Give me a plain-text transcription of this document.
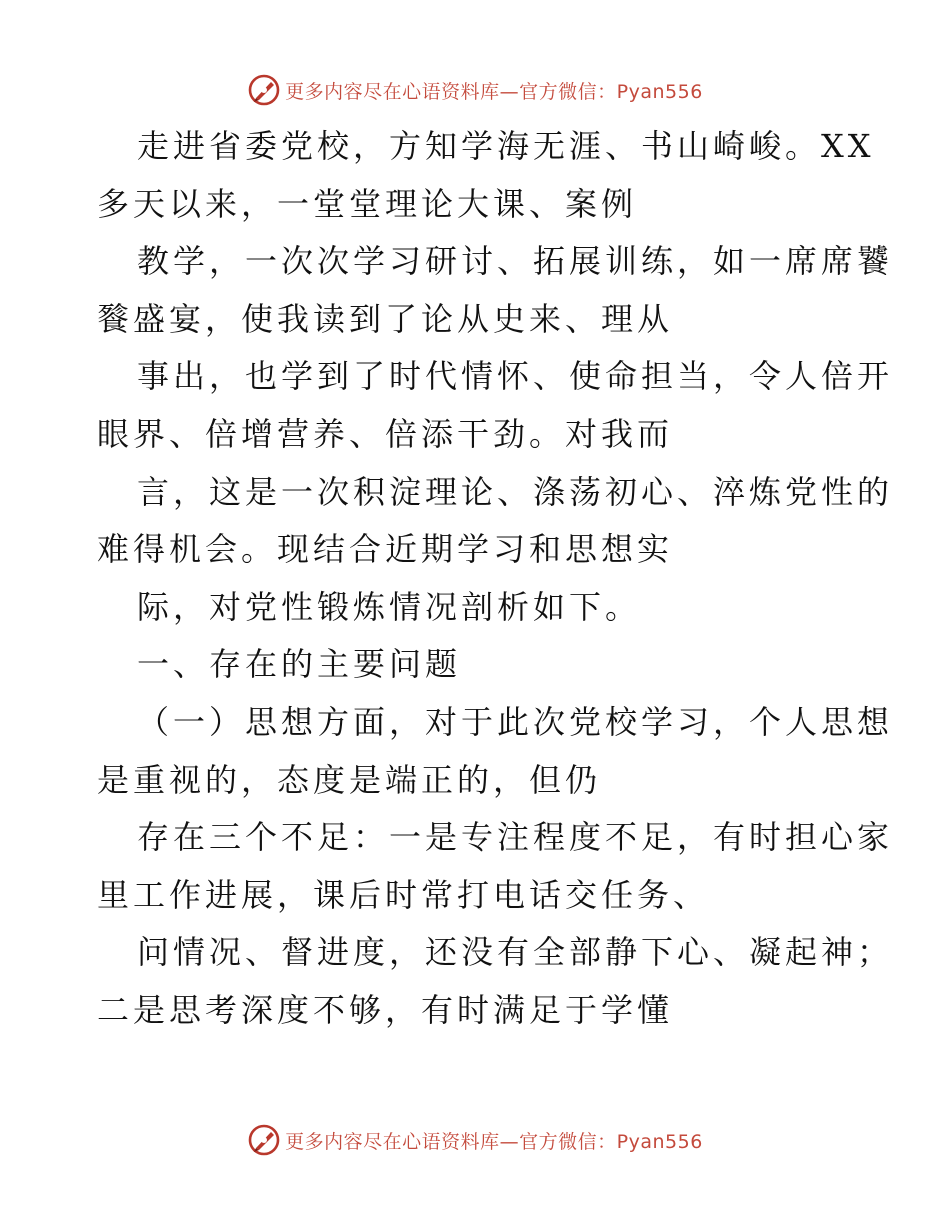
更多内容尽在心语资料库—官方微信：Pyan556
走进省委党校，方知学海无涯、书山崎峻。XX
多天以来，一堂堂理论大课、案例
教学，一次次学习研讨、拓展训练，如一席席饕
餮盛宴，使我读到了论从史来、理从
事出，也学到了时代情怀、使命担当，令人倍开
眼界、倍增营养、倍添干劲。对我而
言，这是一次积淀理论、涤荡初心、淬炼党性的
难得机会。现结合近期学习和思想实
际，对党性锻炼情况剖析如下。
一、存在的主要问题
（一）思想方面，对于此次党校学习，个人思想
是重视的，态度是端正的，但仍
存在三个不足：一是专注程度不足，有时担心家
里工作进展，课后时常打电话交任务、
问情况、督进度，还没有全部静下心、凝起神；
二是思考深度不够，有时满足于学懂
更多内容尽在心语资料库—官方微信：Pyan556
